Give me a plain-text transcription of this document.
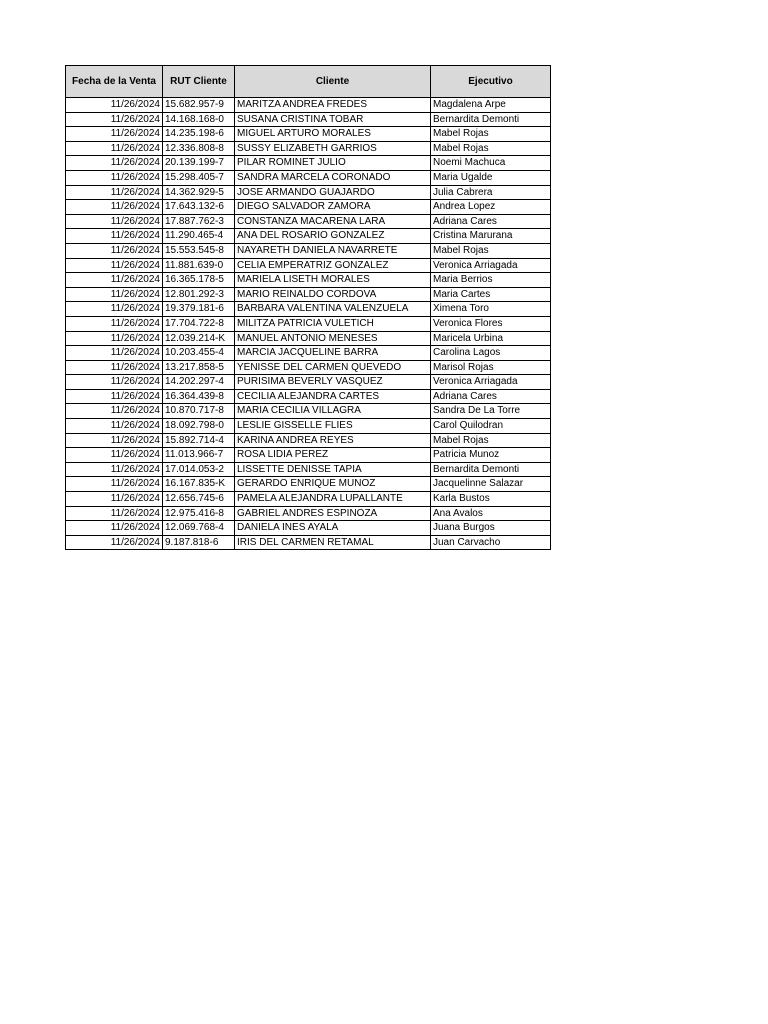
Fecha de la Venta	RUT Cliente	Cliente	Ejecutivo
11/26/2024	15.682.957-9	MARITZA ANDREA FREDES	Magdalena Arpe
11/26/2024	14.168.168-0	SUSANA CRISTINA TOBAR	Bernardita Demonti
11/26/2024	14.235.198-6	MIGUEL ARTURO MORALES	Mabel Rojas
11/26/2024	12.336.808-8	SUSSY ELIZABETH GARRIOS	Mabel Rojas
11/26/2024	20.139.199-7	PILAR ROMINET JULIO	Noemi Machuca
11/26/2024	15.298.405-7	SANDRA MARCELA CORONADO	Maria Ugalde
11/26/2024	14.362.929-5	JOSE ARMANDO GUAJARDO	Julia Cabrera
11/26/2024	17.643.132-6	DIEGO SALVADOR ZAMORA	Andrea Lopez
11/26/2024	17.887.762-3	CONSTANZA MACARENA LARA	Adriana Cares
11/26/2024	11.290.465-4	ANA DEL ROSARIO GONZALEZ	Cristina Marurana
11/26/2024	15.553.545-8	NAYARETH DANIELA NAVARRETE	Mabel Rojas
11/26/2024	11.881.639-0	CELIA EMPERATRIZ GONZALEZ	Veronica Arriagada
11/26/2024	16.365.178-5	MARIELA LISETH MORALES	Maria Berrios
11/26/2024	12.801.292-3	MARIO REINALDO CORDOVA	Maria Cartes
11/26/2024	19.379.181-6	BARBARA VALENTINA VALENZUELA	Ximena Toro
11/26/2024	17.704.722-8	MILITZA PATRICIA VULETICH	Veronica Flores
11/26/2024	12.039.214-K	MANUEL ANTONIO MENESES	Maricela Urbina
11/26/2024	10.203.455-4	MARCIA JACQUELINE BARRA	Carolina Lagos
11/26/2024	13.217.858-5	YENISSE DEL CARMEN QUEVEDO	Marisol Rojas
11/26/2024	14.202.297-4	PURISIMA BEVERLY VASQUEZ	Veronica Arriagada
11/26/2024	16.364.439-8	CECILIA ALEJANDRA CARTES	Adriana Cares
11/26/2024	10.870.717-8	MARIA CECILIA VILLAGRA	Sandra De La Torre
11/26/2024	18.092.798-0	LESLIE GISSELLE FLIES	Carol Quilodran
11/26/2024	15.892.714-4	KARINA ANDREA REYES	Mabel Rojas
11/26/2024	11.013.966-7	ROSA LIDIA PEREZ	Patricia Munoz
11/26/2024	17.014.053-2	LISSETTE DENISSE TAPIA	Bernardita Demonti
11/26/2024	16.167.835-K	GERARDO ENRIQUE MUNOZ	Jacquelinne Salazar
11/26/2024	12.656.745-6	PAMELA ALEJANDRA LUPALLANTE	Karla Bustos
11/26/2024	12.975.416-8	GABRIEL ANDRES ESPINOZA	Ana Avalos
11/26/2024	12.069.768-4	DANIELA INES AYALA	Juana Burgos
11/26/2024	9.187.818-6	IRIS DEL CARMEN RETAMAL	Juan Carvacho
